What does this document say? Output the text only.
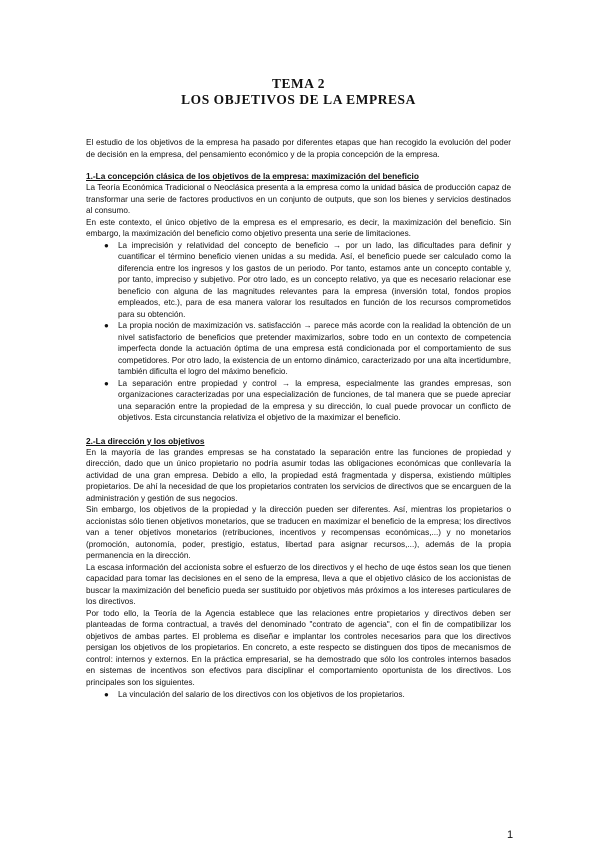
TEMA 2
LOS OBJETIVOS DE LA EMPRESA

El estudio de los objetivos de la empresa ha pasado por diferentes etapas que han recogido la evolución del poder de decisión en la empresa, del pensamiento económico y de la propia concepción de la empresa.

1.-La concepción clásica de los objetivos de la empresa: maximización del beneficio

La Teoría Económica Tradicional o Neoclásica presenta a la empresa como la unidad básica de producción capaz de transformar una serie de factores productivos en un conjunto de outputs, que son los bienes y servicios destinados al consumo.

En este contexto, el único objetivo de la empresa es el empresario, es decir, la maximización del beneficio. Sin embargo, la maximización del beneficio como objetivo presenta una serie de limitaciones.

● La imprecisión y relatividad del concepto de beneficio → por un lado, las dificultades para definir y cuantificar el término beneficio vienen unidas a su medida. Así, el beneficio puede ser calculado como la diferencia entre los ingresos y los gastos de un periodo. Por tanto, estamos ante un concepto contable y, por tanto, impreciso y subjetivo. Por otro lado, es un concepto relativo, ya que es necesario relacionar ese beneficio con alguna de las magnitudes relevantes para la empresa (inversión total, fondos propios empleados, etc.), para de esa manera valorar los resultados en función de los recursos comprometidos para su obtención.
● La propia noción de maximización vs. satisfacción → parece más acorde con la realidad la obtención de un nivel satisfactorio de beneficios que pretender maximizarlos, sobre todo en un contexto de competencia imperfecta donde la actuación óptima de una empresa está condicionada por el comportamiento de sus competidores. Por otro lado, la existencia de un entorno dinámico, caracterizado por una alta incertidumbre, también dificulta el logro del máximo beneficio.
● La separación entre propiedad y control → la empresa, especialmente las grandes empresas, son organizaciones caracterizadas por una especialización de funciones, de tal manera que se puede apreciar una separación entre la propiedad de la empresa y su dirección, lo cual puede provocar un conflicto de objetivos. Esta circunstancia relativiza el objetivo de la maximizar el beneficio.
2.-La dirección y los objetivos

En la mayoría de las grandes empresas se ha constatado la separación entre las funciones de propiedad y dirección, dado que un único propietario no podría asumir todas las obligaciones económicas que conllevaría la actividad de una gran empresa. Debido a ello, la propiedad está fragmentada y dispersa, existiendo múltiples propietarios. De ahí la necesidad de que los propietarios contraten los servicios de directivos que se encarguen de la administración y gestión de sus negocios.

Sin embargo, los objetivos de la propiedad y la dirección pueden ser diferentes. Así, mientras los propietarios o accionistas sólo tienen objetivos monetarios, que se traducen en maximizar el beneficio de la empresa; los directivos van a tener objetivos monetarios (retribuciones, incentivos y recompensas económicas,...) y no monetarios (promoción, autonomía, poder, prestigio, estatus, libertad para asignar recursos,...), además de la propia permanencia en la dirección.

La escasa información del accionista sobre el esfuerzo de los directivos y el hecho de uqe éstos sean los que tienen capacidad para tomar las decisiones en el seno de la empresa, lleva a que el objetivo clásico de los accionistas de buscar la maximización del beneficio pueda ser sustituido por objetivos más próximos a los intereses particulares de los directivos.

Por todo ello, la Teoría de la Agencia establece que las relaciones entre propietarios y directivos deben ser planteadas de forma contractual, a través del denominado "contrato de agencia", con el fin de compatibilizar los objetivos de ambas partes. El problema es diseñar e implantar los controles necesarios para que los directivos persigan los objetivos de los propietarios. En concreto, a este respecto se distinguen dos tipos de mecanismos de control: internos y externos. En la práctica empresarial, se ha demostrado que sólo los controles internos basados en sistemas de incentivos son efectivos para disciplinar el comportamiento oportunista de los directivos. Los principales son los siguientes.

● La vinculación del salario de los directivos con los objetivos de los propietarios.
1
